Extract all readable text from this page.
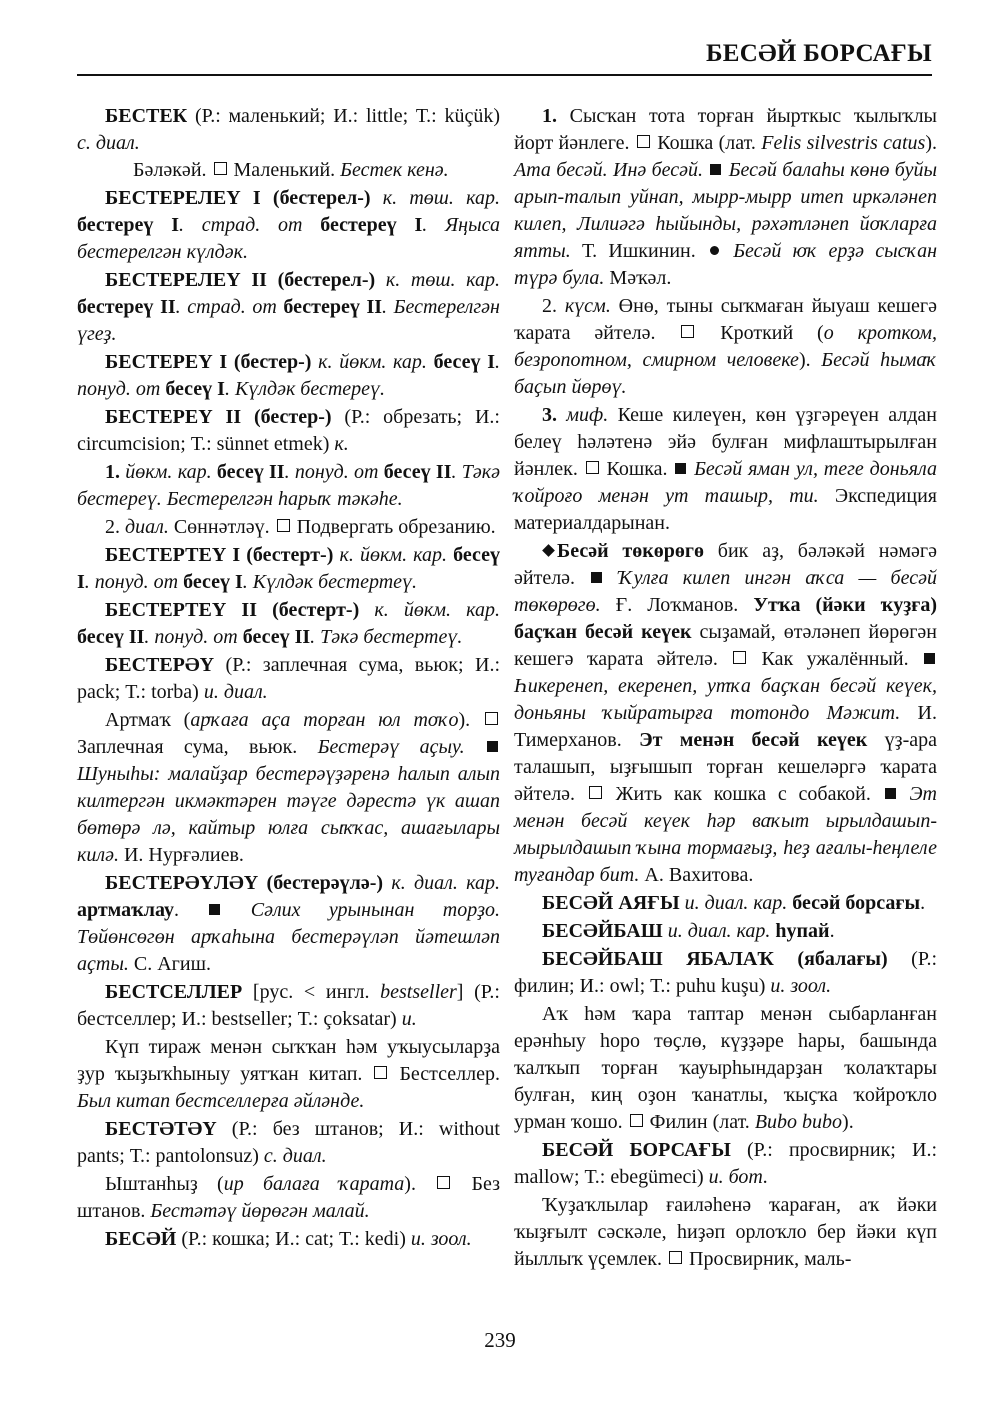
БЕСӘЙ БОРСАҒЫ
БЕСТЕК (Р.: маленький; И.: little; Т.: küçük) с. диал.
Бәләкәй.  Маленький. Бестек кенә.
БЕСТЕРЕЛЕҮ I (бестерел-) к. төш. кар. бестереү I. страд. от бестереү I. Яңыса бестерелгән күлдәк.
БЕСТЕРЕЛЕҮ II (бестерел-) к. төш. кар. бестереү II. страд. от бестереү II. Бестерелгән үгеҙ.
БЕСТЕРЕҮ I (бестер-) к. йөкм. кар. бесеү I. понуд. от бесеү I. Күлдәк бестереү.
БЕСТЕРЕҮ II (бестер-) (Р.: обрезать; И.: circumcision; Т.: sünnet etmek) к.
1. йөкм. кар. бесеү II. понуд. от бесеү II. Тәкә бестереү. Бестерелгән һарыҡ тәкәһе.
2. диал. Сөннәтләү.  Подвергать обрезанию.
БЕСТЕРТЕҮ I (бестерт-) к. йөкм. кар. бесеү I. понуд. от бесеү I. Күлдәк бестертеү.
БЕСТЕРТЕҮ II (бестерт-) к. йөкм. кар. бесеү II. понуд. от бесеү II. Тәкә бестертеү.
БЕСТЕРӘҮ (Р.: заплечная сума, вьюк; И.: pack; Т.: torba) и. диал.
Артмаҡ (арҡаға аҫа торған юл тоҡо).  Заплечная сума, вьюк. Бестерәү аҫыу.  Шуныһы: малайҙар бестерәүҙәренә һалып алып килтергән икмәктәрен тәүге дәрестә үк ашап бөтөрә лә, кайтыр юлға сыҡҡас, ашағылары килә. И. Нурғәлиев.
БЕСТЕРӘҮЛӘҮ (бестерәүлә-) к. диал. кар. артмаҡлау.  Сәлих урынынан торҙо. Төйөнсөгөн арҡаһына бестерәүләп йәтешләп аҫты. С. Агиш.
БЕСТСЕЛЛЕР [рус. < ингл. bestseller] (Р.: бестселлер; И.: bestseller; Т.: çoksatar) и.
Күп тираж менән сыҡҡан һәм уҡыусыларҙа ҙур ҡыҙыҡһыныу уятҡан китап.  Бестселлер. Был китап бестселлерға әйләнде.
БЕСТӘТӘҮ (Р.: без штанов; И.: without pants; Т.: pantolonsuz) с. диал.
Ыштанһыҙ (ир балаға ҡарата).  Без штанов. Бестәтәү йөрөгән малай.
БЕСӘЙ (Р.: кошка; И.: cat; Т.: kedi) и. зоол.
1. Сысҡан тота торған йырткыс ҡылыҡлы йорт йәнлеге.  Кошка (лат. Felis silvestris catus). Ата бесәй. Инә бесәй.  Бесәй балаһы көнө буйы арып-талып уйнап, мырр-мырр итеп иркәләнеп килеп, Лилиәгә һыйынды, рәхәтләнеп йоҡларға ятты. Т. Ишкинин.  Бесәй юҡ ерҙә сысҡан түрә була. Мәҡәл.
2. күсм. Өнө, тыны сыҡмаған йыуаш кешегә ҡарата әйтелә.  Кроткий (о кротком, безропотном, смирном человеке). Бесәй һымаҡ баҫып йөрөү.
3. миф. Кеше килеүен, көн үҙгәреүен алдан белеү һәләтенә эйә булған мифлаштырылған йәнлек.  Кошка.  Бесәй яман ул, теге доньяла ҡойроғо менән ут ташыр, ти. Экспедиция материалдарынан.
Бесәй төкөрөгө бик аҙ, бәләкәй нәмәгә әйтелә.  Ҡулға килеп ингән аҡса — бесәй төкөрөгө. Ғ. Лоҡманов. Утҡа (йәки ҡуҙға) баҫҡан бесәй кеүек сыҙамай, өтәләнеп йөрөгән кешегә ҡарата әйтелә.  Как ужалённый.  Һикеренеп, екеренеп, утҡа баҫҡан бесәй кеүек, доньяны ҡыйратырға тотондо Мәжит. И. Тимерханов. Эт менән бесәй кеүек үҙ-ара талашып, ыҙғышып торған кешеләргә ҡарата әйтелә.  Жить как кошка с собакой.  Эт менән бесәй кеүек һәр ваҡыт ырылдашып-мырылдашып ҡына тормағыҙ, һеҙ ағалы-һеңлеле туғандар бит. А. Вахитова.
БЕСӘЙ АЯҒЫ и. диал. кар. бесәй борсағы.
БЕСӘЙБАШ и. диал. кар. һупай.
БЕСӘЙБАШ ЯБАЛАҠ (ябалағы) (Р.: филин; И.: owl; Т.: puhu kuşu) и. зоол.
Аҡ һәм ҡара таптар менән сыбарланған ерәнһыу һоро төҫлө, күҙҙәре һары, башында ҡалҡып торған ҡауырһындарҙан ҡолаҡтары булған, киң оҙон ҡанатлы, ҡыҫҡа ҡойроҡло урман ҡошо.  Филин (лат. Bubo bubo).
БЕСӘЙ БОРСАҒЫ (Р.: просвирник; И.: mallow; Т.: ebegümeci) и. бот.
Ҡуҙаҡлылар ғаиләһенә ҡараған, аҡ йәки ҡыҙғылт сәскәле, һиҙәп орлоҡло бер йәки күп йыллыҡ үҫемлек.  Просвирник, маль-
239
